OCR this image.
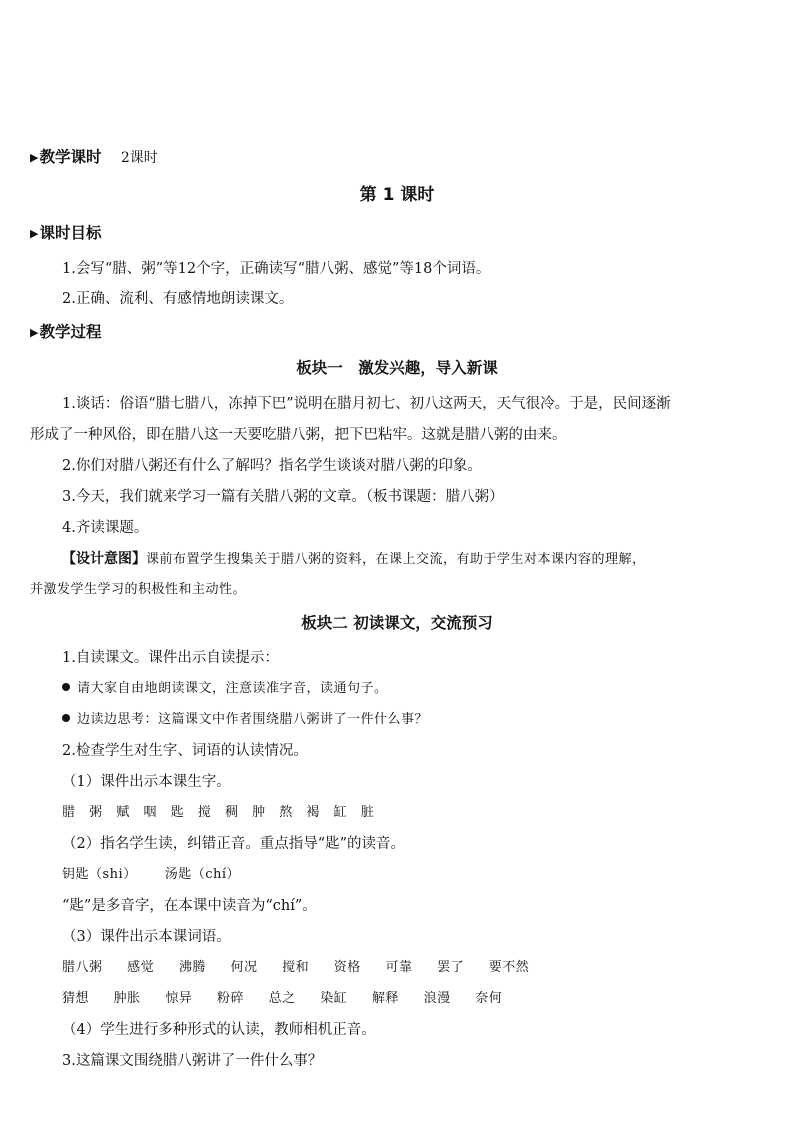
▶教学课时 2课时
第 1 课时
▶课时目标
1.会写“腊、粥”等12个字，正确读写“腊八粥、感觉”等18个词语。
2.正确、流利、有感情地朗读课文。
▶教学过程
板块一　激发兴趣，导入新课
1.谈话：俗语“腊七腊八，冻掉下巴”说明在腊月初七、初八这两天，天气很冷。于是，民间逐渐
形成了一种风俗，即在腊八这一天要吃腊八粥，把下巴粘牢。这就是腊八粥的由来。
2.你们对腊八粥还有什么了解吗？指名学生谈谈对腊八粥的印象。
3.今天，我们就来学习一篇有关腊八粥的文章。（板书课题：腊八粥）
4.齐读课题。
【设计意图】课前布置学生搜集关于腊八粥的资料，在课上交流，有助于学生对本课内容的理解，
并激发学生学习的积极性和主动性。
板块二 初读课文，交流预习
1.自读课文。课件出示自读提示：
请大家自由地朗读课文，注意读准字音，读通句子。
边读边思考：这篇课文中作者围绕腊八粥讲了一件什么事？
2.检查学生对生字、词语的认读情况。
（1）课件出示本课生字。
腊 粥 赋 咽 匙 搅 稠 肿 熬 褐 缸 脏
（2）指名学生读，纠错正音。重点指导“匙”的读音。
钥匙（shi） 汤匙（chí）
“匙”是多音字，在本课中读音为“chí”。
（3）课件出示本课词语。
腊八粥 感觉 沸腾 何况 搅和 资格 可靠 罢了 要不然
猜想 肿胀 惊异 粉碎 总之 染缸 解释 浪漫 奈何
（4）学生进行多种形式的认读，教师相机正音。
3.这篇课文围绕腊八粥讲了一件什么事？
